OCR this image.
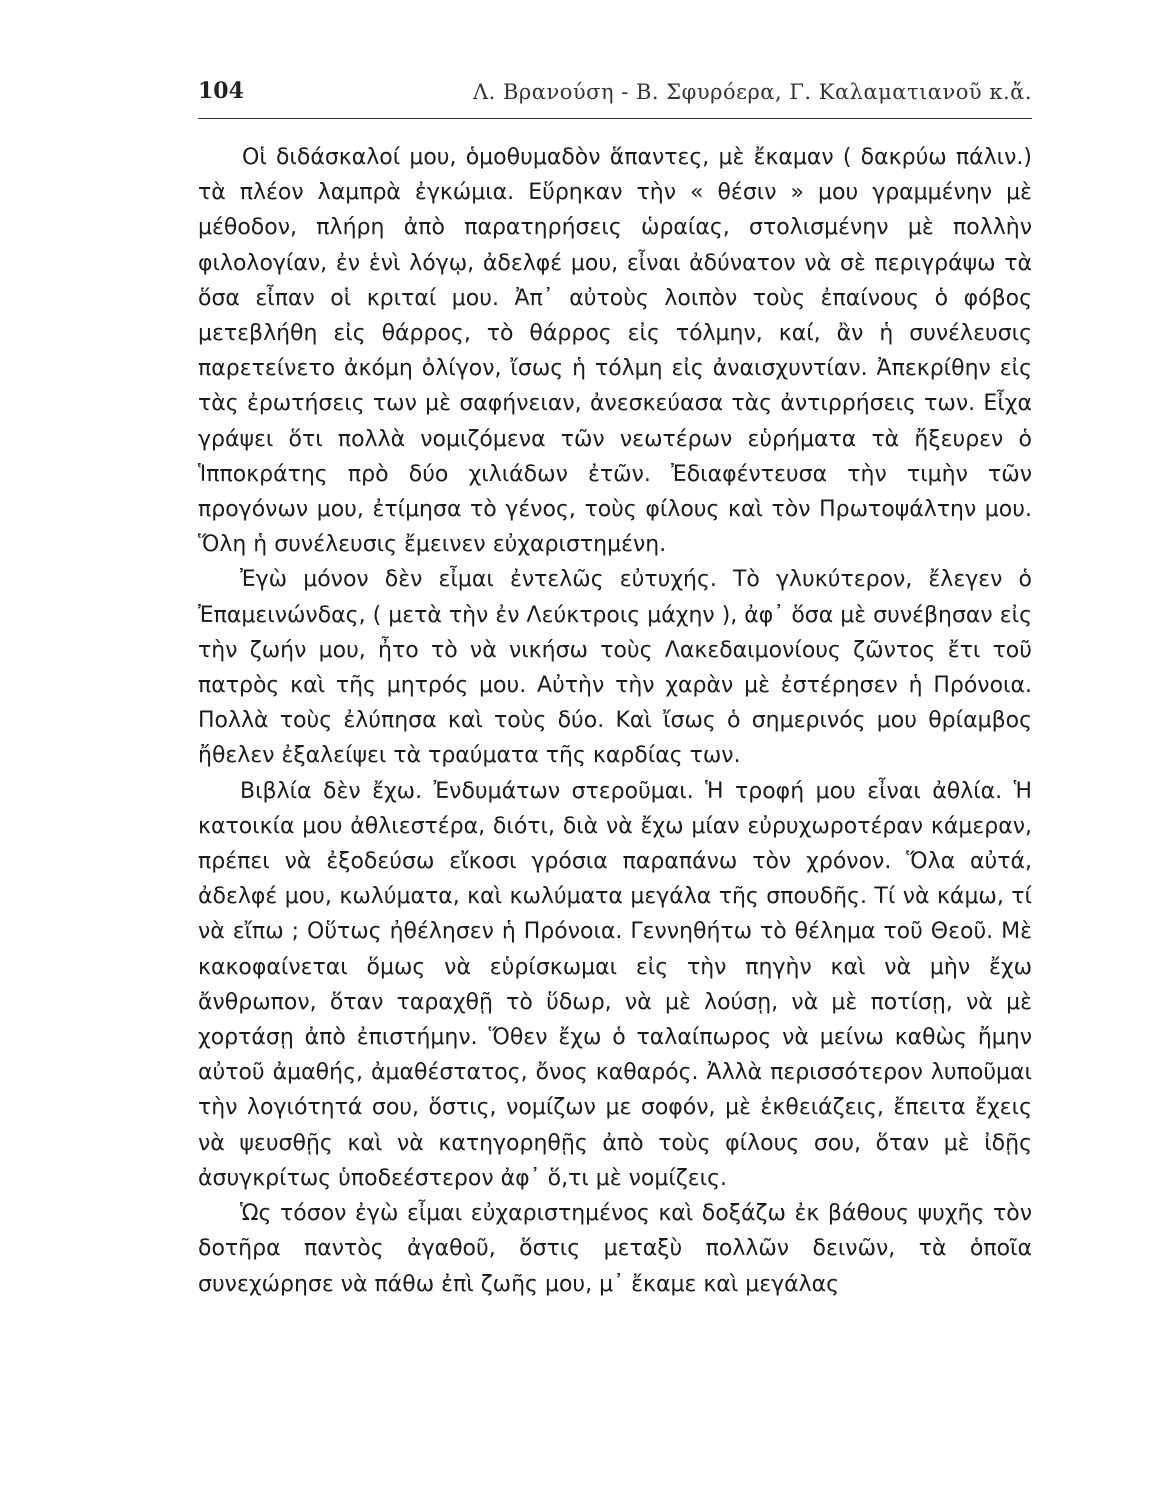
104	Λ. Βρανούση - Β. Σφυρόερα, Γ. Καλαματιανοῦ κ.ἄ.

Οἱ διδάσκαλοί μου, ὁμοθυμαδὸν ἅπαντες, μὲ ἔκαμαν ( δακρύω πάλιν.) τὰ πλέον λαμπρὰ ἐγκώμια. Εὕρηκαν τὴν « θέσιν » μου γραμμένην μὲ μέθοδον, πλήρη ἀπὸ παρατηρήσεις ὡραίας, στολισμένην μὲ πολλὴν φιλολογίαν, ἐν ἑνὶ λόγῳ, ἀδελφέ μου, εἶναι ἀδύνατον νὰ σὲ περιγράψω τὰ ὅσα εἶπαν οἱ κριταί μου. Ἀπ᾽ αὐτοὺς λοιπὸν τοὺς ἐπαίνους ὁ φόβος μετεβλήθη εἰς θάρρος, τὸ θάρρος εἰς τόλμην, καί, ἂν ἡ συνέλευσις παρετείνετο ἀκόμη ὀλίγον, ἴσως ἡ τόλμη εἰς ἀναισχυντίαν. Ἀπεκρίθην εἰς τὰς ἐρωτήσεις των μὲ σαφήνειαν, ἀνεσκεύασα τὰς ἀντιρρήσεις των. Εἶχα γράψει ὅτι πολλὰ νομιζόμενα τῶν νεωτέρων εὑρήματα τὰ ἤξευρεν ὁ Ἱπποκράτης πρὸ δύο χιλιάδων ἐτῶν. Ἐδιαφέντευσα τὴν τιμὴν τῶν προγόνων μου, ἐτίμησα τὸ γένος, τοὺς φίλους καὶ τὸν Πρωτοψάλτην μου. Ὅλη ἡ συνέλευσις ἔμεινεν εὐχαριστημένη.

Ἐγὼ μόνον δὲν εἶμαι ἐντελῶς εὐτυχής. Τὸ γλυκύτερον, ἔλεγεν ὁ Ἐπαμεινώνδας, ( μετὰ τὴν ἐν Λεύκτροις μάχην ), ἀφ᾽ ὅσα μὲ συνέβησαν εἰς τὴν ζωήν μου, ἦτο τὸ νὰ νικήσω τοὺς Λακεδαιμονίους ζῶντος ἔτι τοῦ πατρὸς καὶ τῆς μητρός μου. Αὐτὴν τὴν χαρὰν μὲ ἐστέρησεν ἡ Πρόνοια. Πολλὰ τοὺς ἐλύπησα καὶ τοὺς δύο. Καὶ ἴσως ὁ σημερινός μου θρίαμβος ἤθελεν ἐξαλείψει τὰ τραύματα τῆς καρδίας των.

Βιβλία δὲν ἔχω. Ἐνδυμάτων στεροῦμαι. Ἡ τροφή μου εἶναι ἀθλία. Ἡ κατοικία μου ἀθλιεστέρα, διότι, διὰ νὰ ἔχω μίαν εὐρυχωροτέραν κάμεραν, πρέπει νὰ ἐξοδεύσω εἴκοσι γρόσια παραπάνω τὸν χρόνον. Ὅλα αὐτά, ἀδελφέ μου, κωλύματα, καὶ κωλύματα μεγάλα τῆς σπουδῆς. Τί νὰ κάμω, τί νὰ εἴπω ; Οὕτως ἠθέλησεν ἡ Πρόνοια. Γεννηθήτω τὸ θέλημα τοῦ Θεοῦ. Μὲ κακοφαίνεται ὅμως νὰ εὑρίσκωμαι εἰς τὴν πηγὴν καὶ νὰ μὴν ἔχω ἄνθρωπον, ὅταν ταραχθῇ τὸ ὕδωρ, νὰ μὲ λούσῃ, νὰ μὲ ποτίσῃ, νὰ μὲ χορτάσῃ ἀπὸ ἐπιστήμην. Ὅθεν ἔχω ὁ ταλαίπωρος νὰ μείνω καθὼς ἤμην αὐτοῦ ἀμαθής, ἀμαθέστατος, ὄνος καθαρός. Ἀλλὰ περισσότερον λυποῦμαι τὴν λογιότητά σου, ὅστις, νομίζων με σοφόν, μὲ ἐκθειάζεις, ἔπειτα ἔχεις νὰ ψευσθῇς καὶ νὰ κατηγορηθῇς ἀπὸ τοὺς φίλους σου, ὅταν μὲ ἰδῇς ἀσυγκρίτως ὑποδεέστερον ἀφ᾽ ὅ,τι μὲ νομίζεις.

Ὡς τόσον ἐγὼ εἶμαι εὐχαριστημένος καὶ δοξάζω ἐκ βάθους ψυχῆς τὸν δοτῆρα παντὸς ἀγαθοῦ, ὅστις μεταξὺ πολλῶν δεινῶν, τὰ ὁποῖα συνεχώρησε νὰ πάθω ἐπὶ ζωῆς μου, μ᾽ ἔκαμε καὶ μεγάλας
